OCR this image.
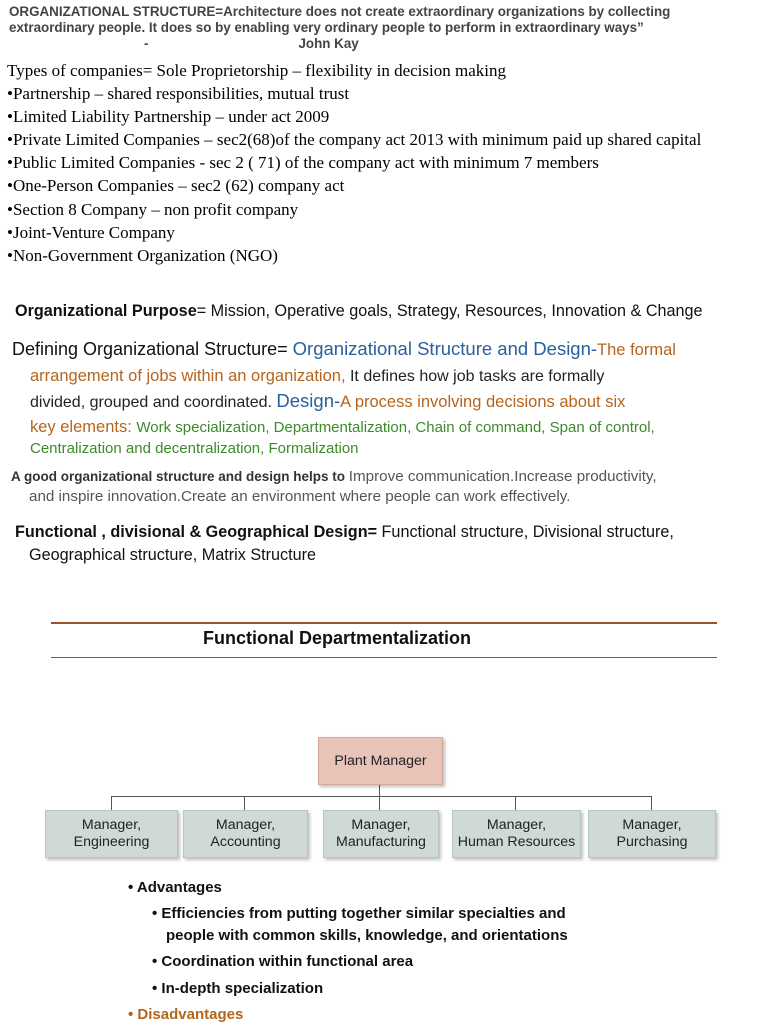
ORGANIZATIONAL STRUCTURE=Architecture does not create extraordinary organizations by collecting
extraordinary people. It does so by enabling very ordinary people to perform in extraordinary ways”
-	John Kay
Types of companies= Sole Proprietorship – flexibility in decision making
•Partnership – shared responsibilities, mutual trust
•Limited Liability Partnership – under act 2009
•Private Limited Companies – sec2(68)of the company act 2013 with minimum paid up shared capital
•Public Limited Companies - sec 2 ( 71) of the company act with minimum 7 members
•One-Person Companies – sec2 (62) company act
•Section 8 Company – non profit company
•Joint-Venture Company
•Non-Government Organization (NGO)
Organizational Purpose= Mission, Operative goals, Strategy, Resources, Innovation & Change
Defining Organizational Structure= Organizational Structure and Design-The formal
arrangement of jobs within an organization, It defines how job tasks are formally
divided, grouped and coordinated. Design-A process involving decisions about six
key elements: Work specialization, Departmentalization, Chain of command, Span of control,
Centralization and decentralization, Formalization
A good organizational structure and design helps to Improve communication.Increase productivity,
and inspire innovation.Create an environment where people can work effectively.
Functional , divisional & Geographical Design= Functional structure, Divisional structure,
Geographical structure, Matrix Structure
Functional Departmentalization
Plant Manager
Manager,
Engineering
Manager,
Accounting
Manager,
Manufacturing
Manager,
Human Resources
Manager,
Purchasing
• Advantages
• Efficiencies from putting together similar specialties and
people with common skills, knowledge, and orientations
• Coordination within functional area
• In-depth specialization
• Disadvantages
